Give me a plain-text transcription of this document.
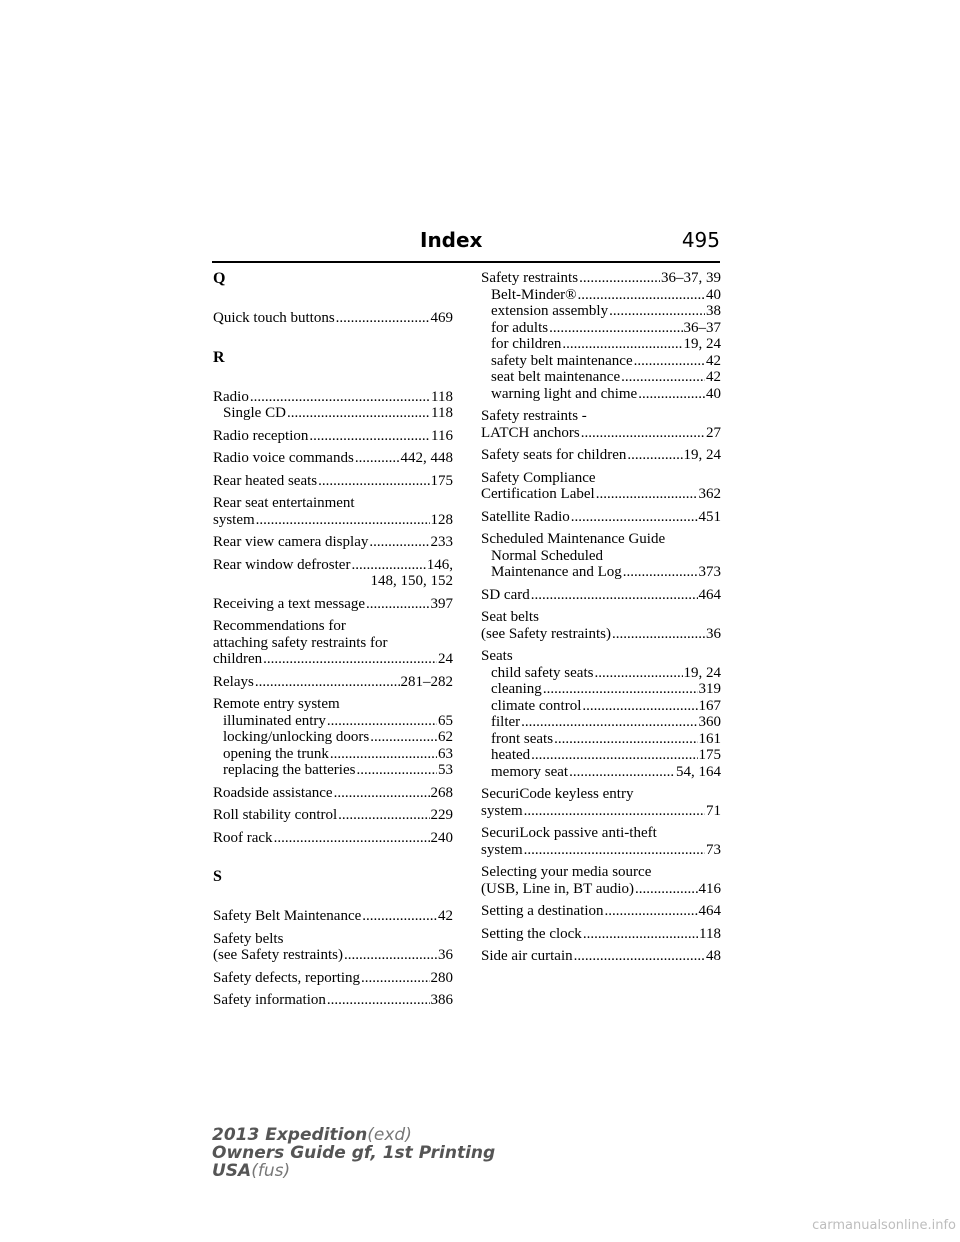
Index	495
Q
Quick touch buttons .....	469
R
Radio .....	118
Single CD .....	118
Radio reception .....	116
Radio voice commands .....	442, 448
Rear heated seats .....	175
Rear seat entertainment
system .....	128
Rear view camera display .....	233
Rear window defroster .....	146,
148, 150, 152
Receiving a text message .....	397
Recommendations for
attaching safety restraints for
children .....	24
Relays .....	281–282
Remote entry system
illuminated entry .....	65
locking/unlocking doors .....	62
opening the trunk .....	63
replacing the batteries .....	53
Roadside assistance .....	268
Roll stability control .....	229
Roof rack .....	240
S
Safety Belt Maintenance .....	42
Safety belts
(see Safety restraints) .....	36
Safety defects, reporting .....	280
Safety information .....	386
Safety restraints .....	36–37, 39
Belt-Minder® .....	40
extension assembly .....	38
for adults .....	36–37
for children .....	19, 24
safety belt maintenance .....	42
seat belt maintenance .....	42
warning light and chime .....	40
Safety restraints -
LATCH anchors .....	27
Safety seats for children .....	19, 24
Safety Compliance
Certification Label .....	362
Satellite Radio .....	451
Scheduled Maintenance Guide
Normal Scheduled
Maintenance and Log .....	373
SD card .....	464
Seat belts
(see Safety restraints) .....	36
Seats
child safety seats .....	19, 24
cleaning .....	319
climate control .....	167
filter .....	360
front seats .....	161
heated .....	175
memory seat .....	54, 164
SecuriCode keyless entry
system .....	71
SecuriLock passive anti-theft
system .....	73
Selecting your media source
(USB, Line in, BT audio) .....	416
Setting a destination .....	464
Setting the clock .....	118
Side air curtain .....	48
2013 Expedition(exd)
Owners Guide gf, 1st Printing
USA(fus)
carmanualsonline.info
